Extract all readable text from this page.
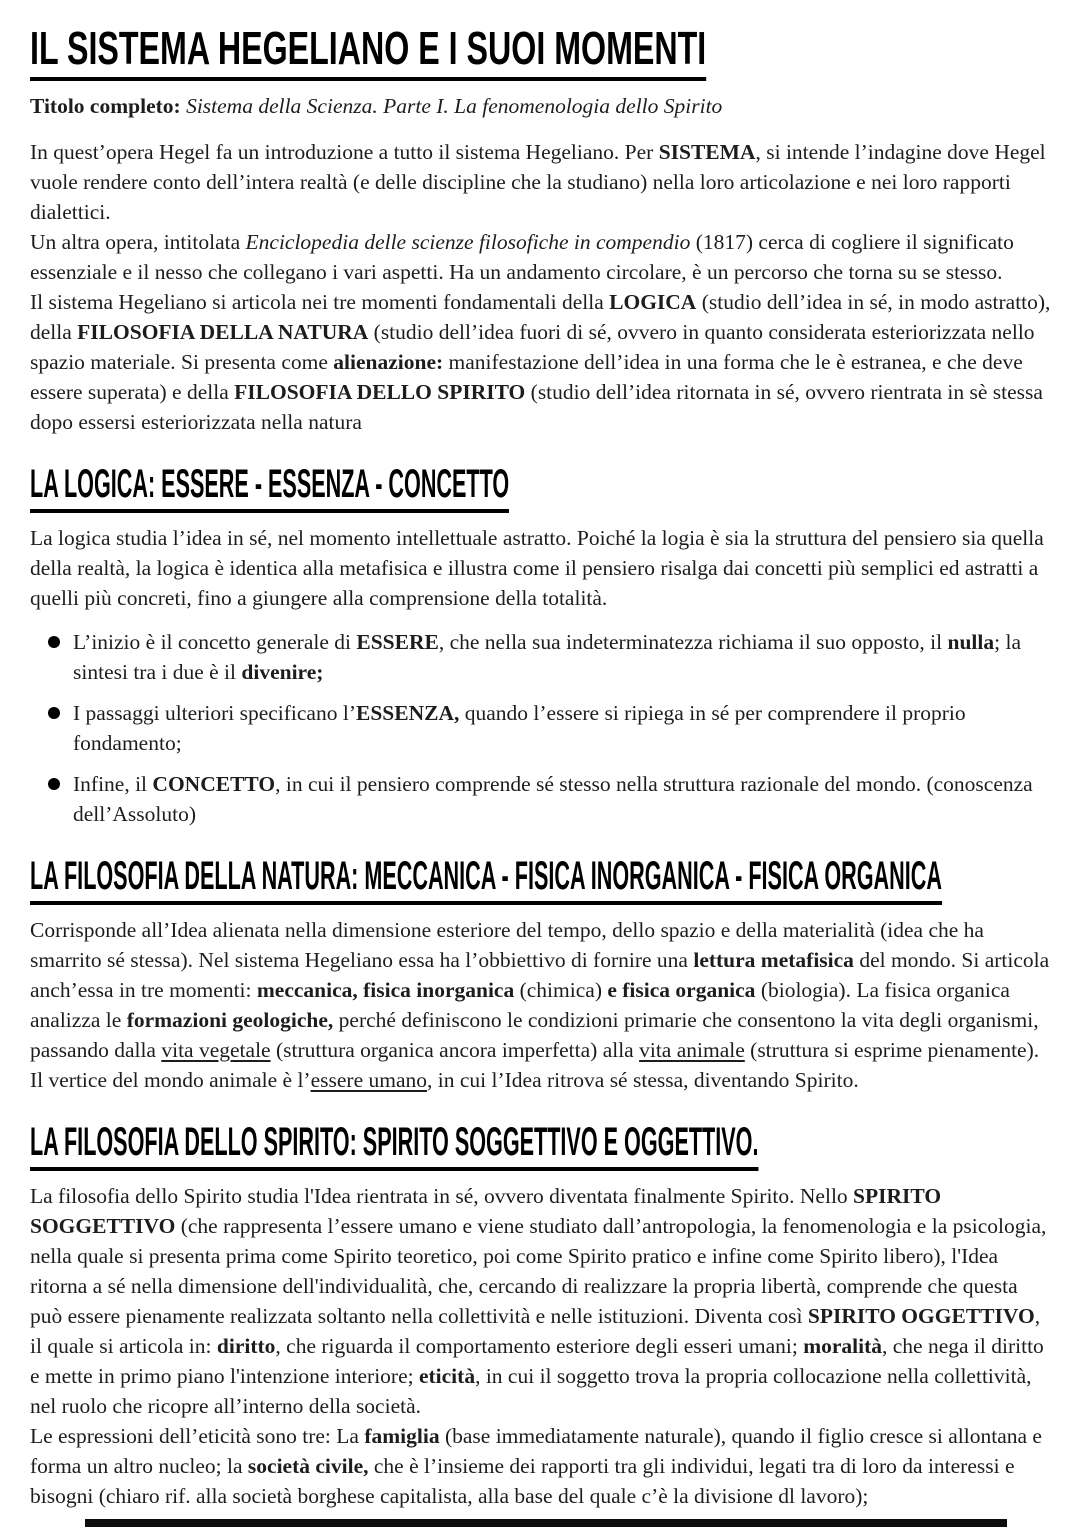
IL SISTEMA HEGELIANO E I SUOI MOMENTI

Titolo completo: Sistema della Scienza. Parte I. La fenomenologia dello Spirito

In quest’opera Hegel fa un introduzione a tutto il sistema Hegeliano. Per SISTEMA, si intende l’indagine dove Hegel vuole rendere conto dell’intera realtà (e delle discipline che la studiano) nella loro articolazione e nei loro rapporti dialettici.

Un altra opera, intitolata Enciclopedia delle scienze filosofiche in compendio (1817) cerca di cogliere il significato essenziale e il nesso che collegano i vari aspetti. Ha un andamento circolare, è un percorso che torna su se stesso.

Il sistema Hegeliano si articola nei tre momenti fondamentali della LOGICA (studio dell’idea in sé, in modo astratto), della FILOSOFIA DELLA NATURA (studio dell’idea fuori di sé, ovvero in quanto considerata esteriorizzata nello spazio materiale. Si presenta come alienazione: manifestazione dell’idea in una forma che le è estranea, e che deve essere superata) e della FILOSOFIA DELLO SPIRITO (studio dell’idea ritornata in sé, ovvero rientrata in sè stessa dopo essersi esteriorizzata nella natura

LA LOGICA: ESSERE - ESSENZA - CONCETTO

La logica studia l’idea in sé, nel momento intellettuale astratto. Poiché la logia è sia la struttura del pensiero sia quella della realtà, la logica è identica alla metafisica e illustra come il pensiero risalga dai concetti più semplici ed astratti a quelli più concreti, fino a giungere alla comprensione della totalità.

L’inizio è il concetto generale di ESSERE, che nella sua indeterminatezza richiama il suo opposto, il nulla; la sintesi tra i due è il divenire;
I passaggi ulteriori specificano l’ESSENZA, quando l’essere si ripiega in sé per comprendere il proprio fondamento;
Infine, il CONCETTO, in cui il pensiero comprende sé stesso nella struttura razionale del mondo. (conoscenza dell’Assoluto)
LA FILOSOFIA DELLA NATURA: MECCANICA - FISICA INORGANICA - FISICA ORGANICA

Corrisponde all’Idea alienata nella dimensione esteriore del tempo, dello spazio e della materialità (idea che ha smarrito sé stessa). Nel sistema Hegeliano essa ha l’obbiettivo di fornire una lettura metafisica del mondo. Si articola anch’essa in tre momenti: meccanica, fisica inorganica (chimica) e fisica organica (biologia). La fisica organica analizza le formazioni geologiche, perché definiscono le condizioni primarie che consentono la vita degli organismi, passando dalla vita vegetale (struttura organica ancora imperfetta) alla vita animale (struttura si esprime pienamente). Il vertice del mondo animale è l’essere umano, in cui l’Idea ritrova sé stessa, diventando Spirito.

LA FILOSOFIA DELLO SPIRITO: SPIRITO SOGGETTIVO E OGGETTIVO.

La filosofia dello Spirito studia l'Idea rientrata in sé, ovvero diventata finalmente Spirito. Nello SPIRITO SOGGETTIVO (che rappresenta l’essere umano e viene studiato dall’antropologia, la fenomenologia e la psicologia, nella quale si presenta prima come Spirito teoretico, poi come Spirito pratico e infine come Spirito libero), l'Idea ritorna a sé nella dimensione dell'individualità, che, cercando di realizzare la propria libertà, comprende che questa può essere pienamente realizzata soltanto nella collettività e nelle istituzioni. Diventa così SPIRITO OGGETTIVO, il quale si articola in: diritto, che riguarda il comportamento esteriore degli esseri umani; moralità, che nega il diritto e mette in primo piano l'intenzione interiore; eticità, in cui il soggetto trova la propria collocazione nella collettività, nel ruolo che ricopre all’interno della società.

Le espressioni dell’eticità sono tre: La famiglia (base immediatamente naturale), quando il figlio cresce si allontana e forma un altro nucleo; la società civile, che è l’insieme dei rapporti tra gli individui, legati tra di loro da interessi e bisogni (chiaro rif. alla società borghese capitalista, alla base del quale c’è la divisione dl lavoro);
